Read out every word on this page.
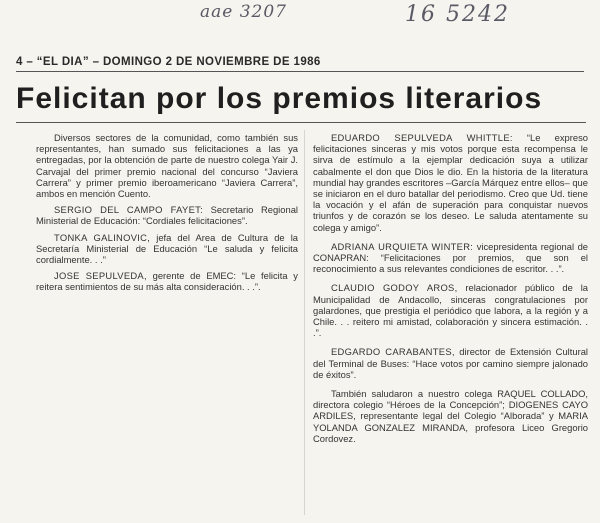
aae 3207	16 5242
4 – “EL DIA” – DOMINGO 2 DE NOVIEMBRE DE 1986
Felicitan por los premios literarios

Diversos sectores de la comunidad, como también sus representantes, han sumado sus felicitaciones a las ya entregadas, por la obtención de parte de nuestro colega Yair J. Carvajal del primer premio nacional del concurso “Javiera Carrera” y primer premio iberoamericano “Javiera Carrera”, ambos en mención Cuento.

SERGIO DEL CAMPO FAYET: Secretario Regional Ministerial de Educación: “Cordiales felicitaciones”.

TONKA GALINOVIC, jefa del Area de Cultura de la Secretaría Ministerial de Educación “Le saluda y felicita cordialmente. . .”

JOSE SEPULVEDA, gerente de EMEC: “Le felicita y reitera sentimientos de su más alta consideración. . .”.

EDUARDO SEPULVEDA WHITTLE: “Le expreso felicitaciones sinceras y mis votos porque esta recompensa le sirva de estímulo a la ejemplar dedicación suya a utilizar cabalmente el don que Dios le dio. En la historia de la literatura mundial hay grandes escritores –García Márquez entre ellos– que se iniciaron en el duro batallar del periodismo. Creo que Ud. tiene la vocación y el afán de superación para conquistar nuevos triunfos y de corazón se los deseo. Le saluda atentamente su colega y amigo”.

ADRIANA URQUIETA WINTER: vicepresidenta regional de CONAPRAN: “Felicitaciones por premios, que son el reconocimiento a sus relevantes condiciones de escritor. . .”.

CLAUDIO GODOY AROS, relacionador público de la Municipalidad de Andacollo, sinceras congratulaciones por galardones, que prestigia el periódico que labora, a la región y a Chile. . . reitero mi amistad, colaboración y sincera estimación. . .”.

EDGARDO CARABANTES, director de Extensión Cultural del Terminal de Buses: “Hace votos por camino siempre jalonado de éxitos”.

También saludaron a nuestro colega RAQUEL COLLADO, directora colegio “Héroes de la Concepción”; DIOGENES CAYO ARDILES, representante legal del Colegio “Alborada” y MARIA YOLANDA GONZALEZ MIRANDA, profesora Liceo Gregorio Cordovez.
